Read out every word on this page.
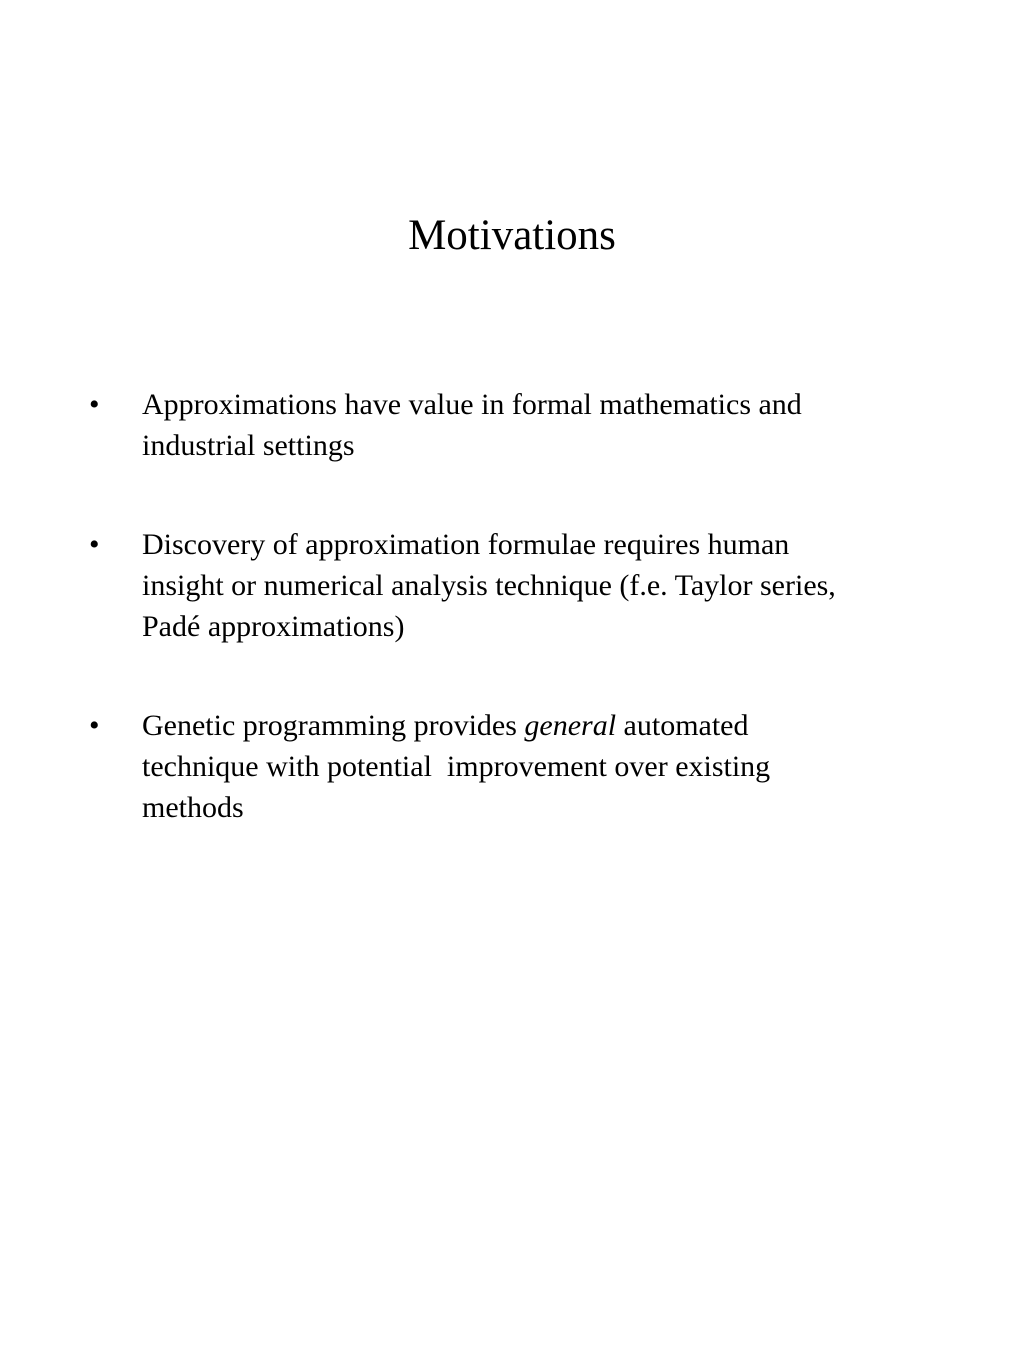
Motivations
• Approximations have value in formal mathematics and
industrial settings
• Discovery of approximation formulae requires human
insight or numerical analysis technique (f.e. Taylor series,
Padé approximations)
• Genetic programming provides general automated
technique with potential  improvement over existing
methods
